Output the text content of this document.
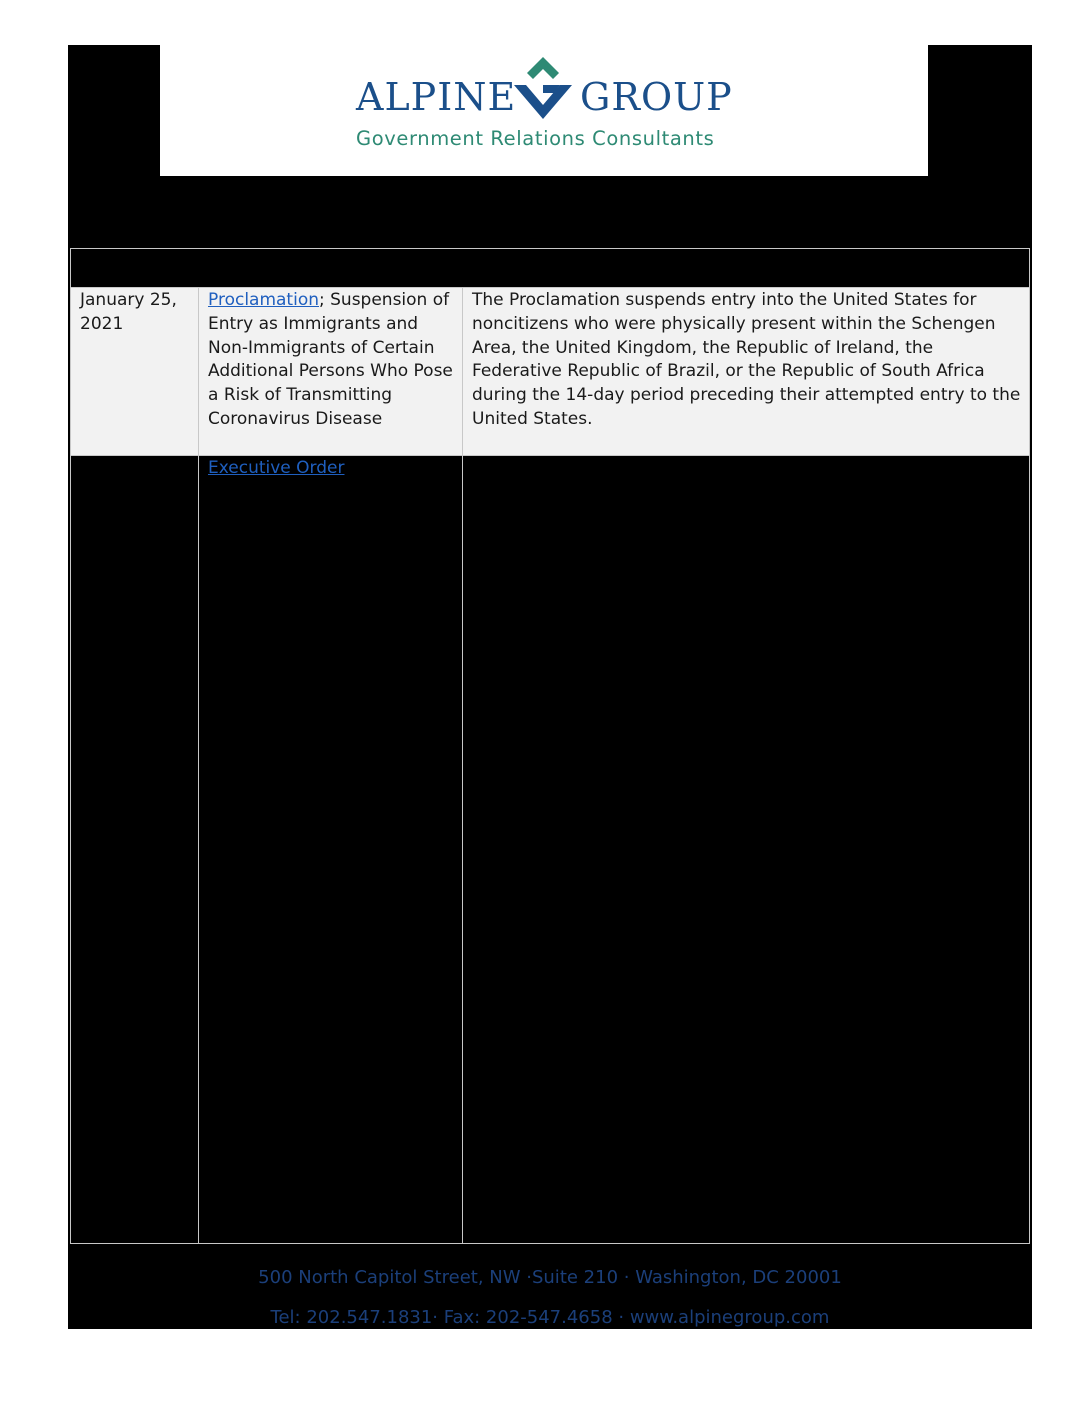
ALPINE GROUP
Government Relations Consultants
January 25, 2021
Proclamation; Suspension of Entry as Immigrants and Non-Immigrants of Certain Additional Persons Who Pose a Risk of Transmitting Coronavirus Disease
The Proclamation suspends entry into the United States for noncitizens who were physically present within the Schengen Area, the United Kingdom, the Republic of Ireland, the Federative Republic of Brazil, or the Republic of South Africa during the 14-day period preceding their attempted entry to the United States.
Executive Order
500 North Capitol Street, NW ·Suite 210 · Washington, DC 20001
Tel: 202.547.1831· Fax: 202-547.4658 · www.alpinegroup.com
